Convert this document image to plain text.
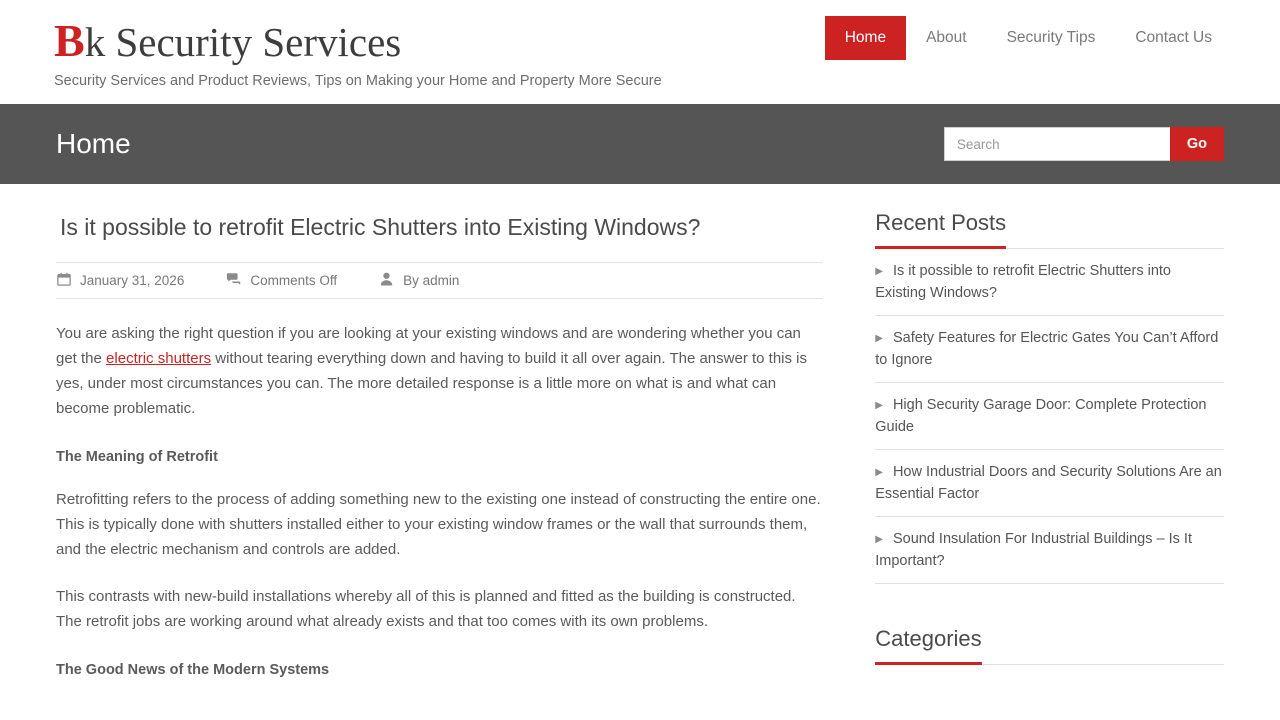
Bk Security Services
Security Services and Product Reviews, Tips on Making your Home and Property More Secure
Home	About	Security Tips	Contact Us
Home
Search	Go
Is it possible to retrofit Electric Shutters into Existing Windows?
January 31, 2026	Comments Off	By admin

You are asking the right question if you are looking at your existing windows and are wondering whether you can get the electric shutters without tearing everything down and having to build it all over again. The answer to this is yes, under most circumstances you can. The more detailed response is a little more on what is and what can become problematic.

The Meaning of Retrofit

Retrofitting refers to the process of adding something new to the existing one instead of constructing the entire one. This is typically done with shutters installed either to your existing window frames or the wall that surrounds them, and the electric mechanism and controls are added.

This contrasts with new-build installations whereby all of this is planned and fitted as the building is constructed. The retrofit jobs are working around what already exists and that too comes with its own problems.

The Good News of the Modern Systems
Recent Posts
▶ Is it possible to retrofit Electric Shutters into Existing Windows?
▶ Safety Features for Electric Gates You Can’t Afford to Ignore
▶ High Security Garage Door: Complete Protection Guide
▶ How Industrial Doors and Security Solutions Are an Essential Factor
▶ Sound Insulation For Industrial Buildings – Is It Important?
Categories
